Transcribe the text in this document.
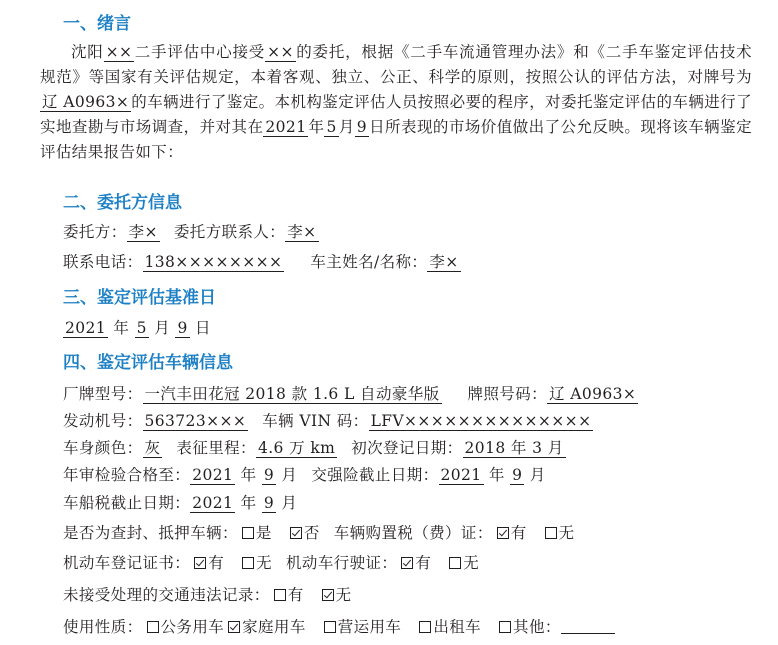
一、绪言

沈阳 ×× 二手评估中心接受 ×× 的委托，根据《二手车流通管理办法》和《二手车鉴定评估技术规范》等国家有关评估规定，本着客观、独立、公正、科学的原则，按照公认的评估方法，对牌号为辽 A0963× 的车辆进行了鉴定。本机构鉴定评估人员按照必要的程序，对委托鉴定评估的车辆进行了实地查勘与市场调查，并对其在 2021 年 5 月 9 日所表现的市场价值做出了公允反映。现将该车辆鉴定评估结果报告如下：

二、委托方信息
委托方： 李× 委托方联系人： 李×
联系电话： 138×××××××× 车主姓名/名称： 李×
三、鉴定评估基准日
2021 年 5 月 9 日
四、鉴定评估车辆信息
厂牌型号： 一汽丰田花冠 2018 款 1.6 L 自动豪华版 牌照号码： 辽 A0963×
发动机号： 563723××× 车辆 VIN 码： LFV××××××××××××××
车身颜色： 灰 表征里程： 4.6 万 km 初次登记日期： 2018 年 3 月
年审检验合格至： 2021 年 9 月 交强险截止日期： 2021 年 9 月
车船税截止日期： 2021 年 9 月
是否为查封、抵押车辆： 是 否 车辆购置税（费）证： 有 无
机动车登记证书： 有 无 机动车行驶证： 有 无
未接受处理的交通违法记录： 有 无
使用性质： 公务用车 家庭用车 营运用车 出租车 其他：
